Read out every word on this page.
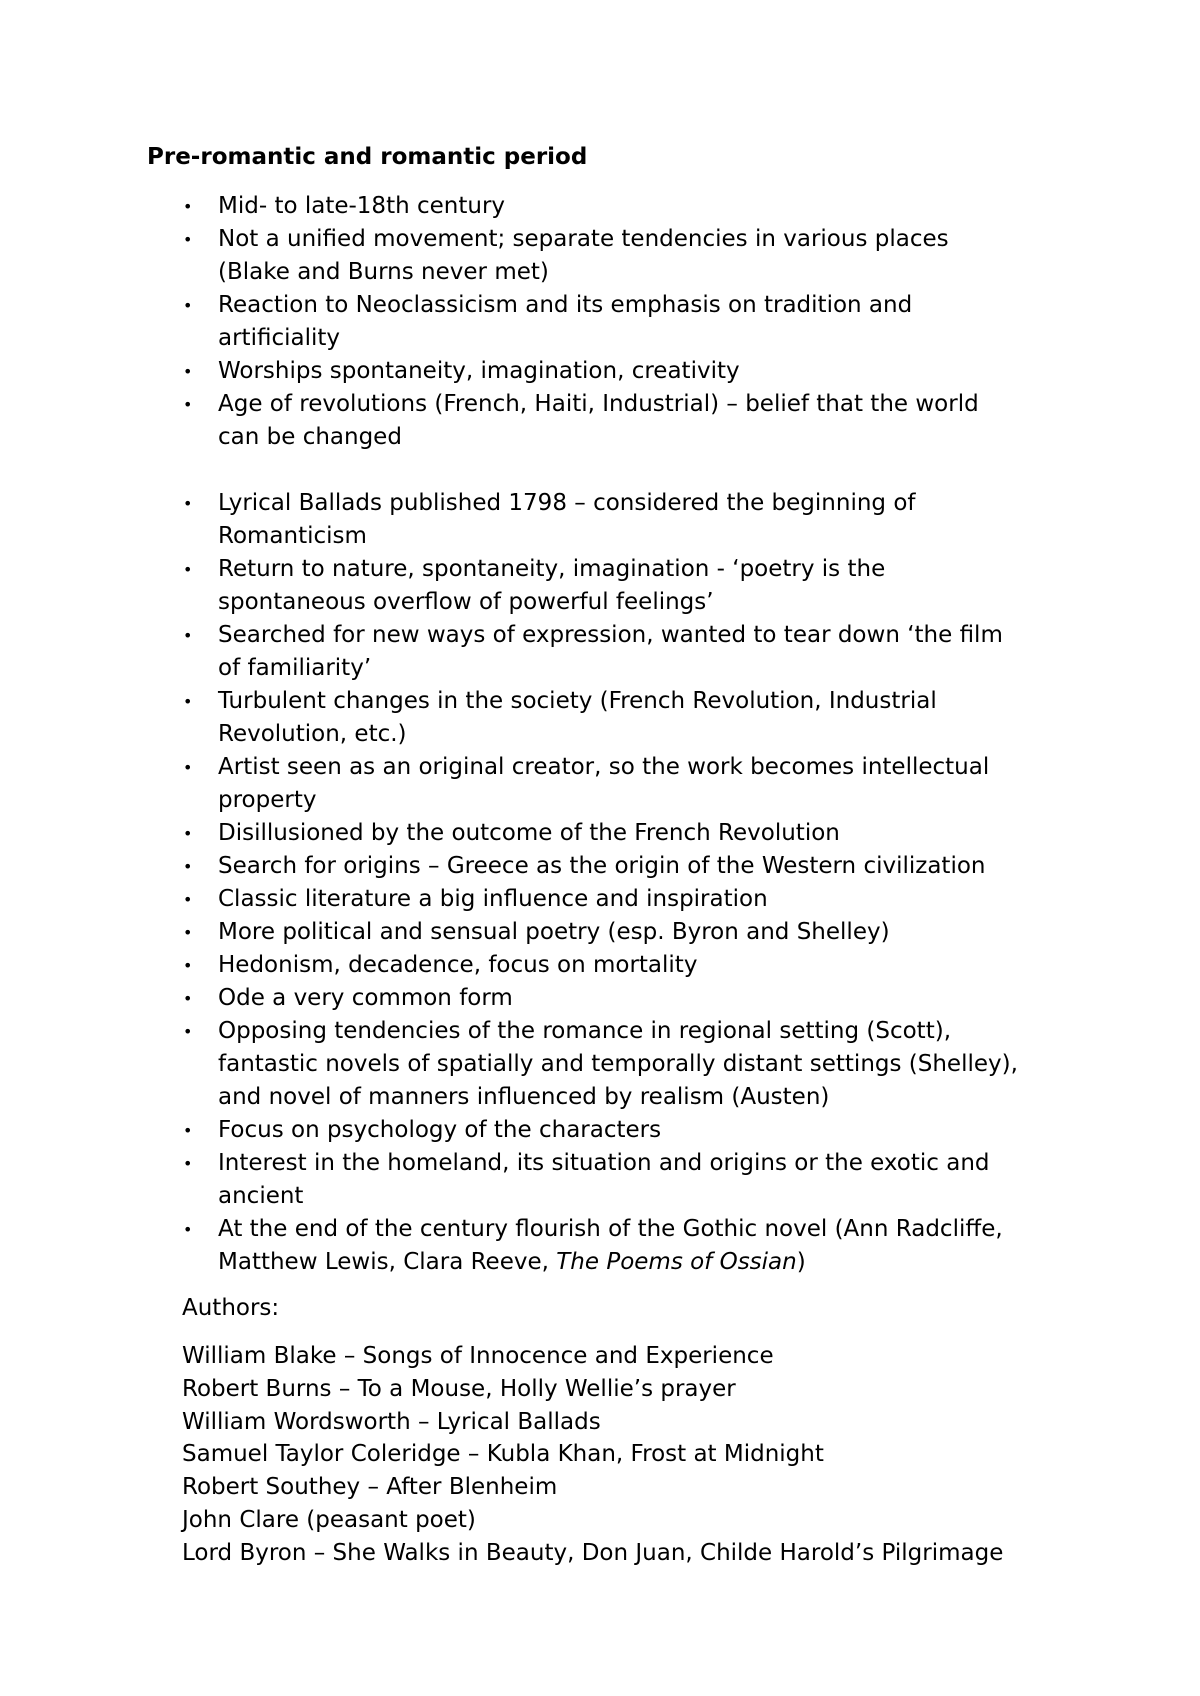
Pre-romantic and romantic period
•	Mid- to late-18th century
•	Not a unified movement; separate tendencies in various places
(Blake and Burns never met)
•	Reaction to Neoclassicism and its emphasis on tradition and
artificiality
•	Worships spontaneity, imagination, creativity
•	Age of revolutions (French, Haiti, Industrial) – belief that the world
can be changed
•	Lyrical Ballads published 1798 – considered the beginning of
Romanticism
•	Return to nature, spontaneity, imagination - ‘poetry is the
spontaneous overflow of powerful feelings’
•	Searched for new ways of expression, wanted to tear down ‘the film
of familiarity’
•	Turbulent changes in the society (French Revolution, Industrial
Revolution, etc.)
•	Artist seen as an original creator, so the work becomes intellectual
property
•	Disillusioned by the outcome of the French Revolution
•	Search for origins – Greece as the origin of the Western civilization
•	Classic literature a big influence and inspiration
•	More political and sensual poetry (esp. Byron and Shelley)
•	Hedonism, decadence, focus on mortality
•	Ode a very common form
•	Opposing tendencies of the romance in regional setting (Scott),
fantastic novels of spatially and temporally distant settings (Shelley),
and novel of manners influenced by realism (Austen)
•	Focus on psychology of the characters
•	Interest in the homeland, its situation and origins or the exotic and
ancient
•	At the end of the century flourish of the Gothic novel (Ann Radcliffe,
Matthew Lewis, Clara Reeve, The Poems of Ossian)
Authors:
William Blake – Songs of Innocence and Experience
Robert Burns – To a Mouse, Holly Wellie’s prayer
William Wordsworth – Lyrical Ballads
Samuel Taylor Coleridge – Kubla Khan, Frost at Midnight
Robert Southey – After Blenheim
John Clare (peasant poet)
Lord Byron – She Walks in Beauty, Don Juan, Childe Harold’s Pilgrimage
